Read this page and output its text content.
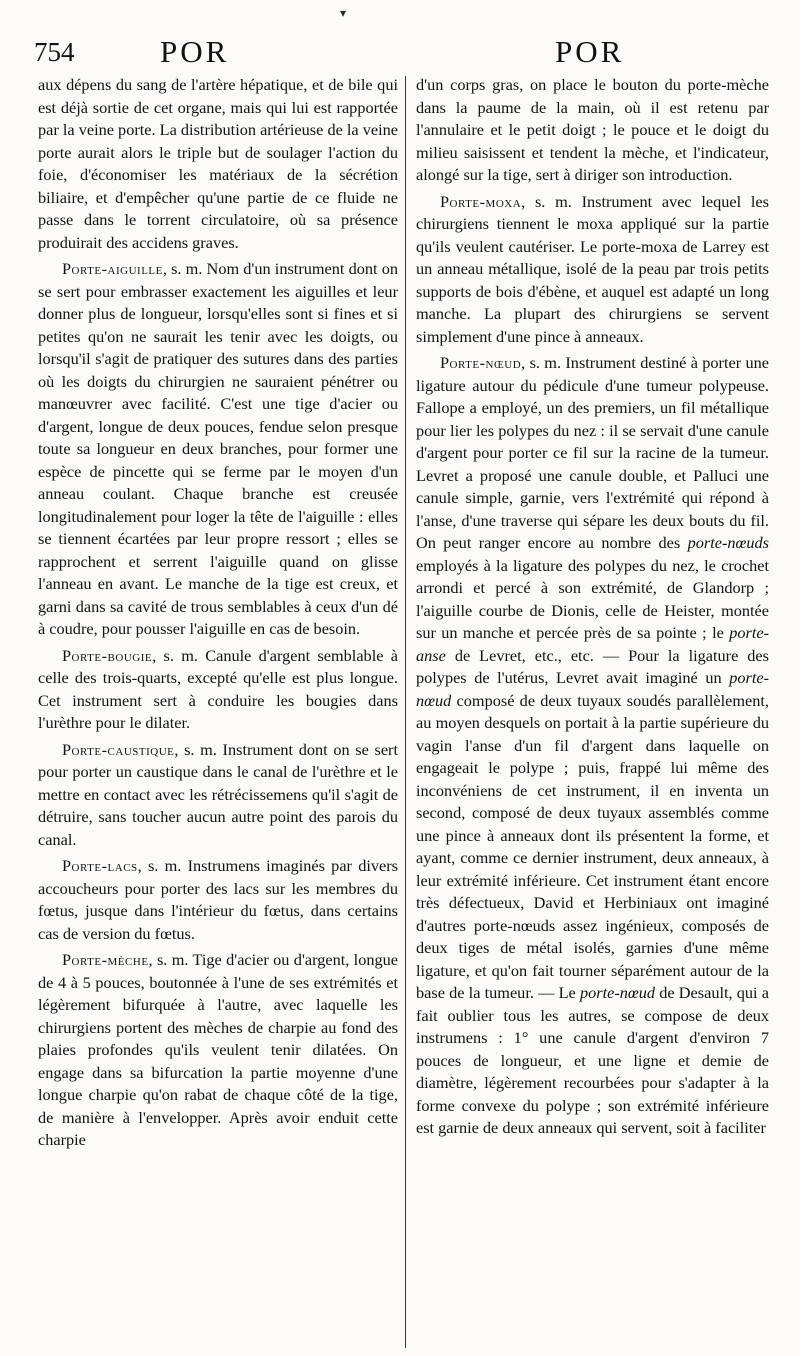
▾
754	POR	POR

aux dépens du sang de l'artère hépatique, et de bile qui est déjà sortie de cet organe, mais qui lui est rapportée par la veine porte. La distribution artérieuse de la veine porte aurait alors le triple but de soulager l'action du foie, d'économiser les matériaux de la sécrétion biliaire, et d'empêcher qu'une partie de ce fluide ne passe dans le torrent circulatoire, où sa présence produirait des accidens graves.

Porte-aiguille, s. m. Nom d'un instrument dont on se sert pour embrasser exactement les aiguilles et leur donner plus de longueur, lorsqu'elles sont si fines et si petites qu'on ne saurait les tenir avec les doigts, ou lorsqu'il s'agit de pratiquer des sutures dans des parties où les doigts du chirurgien ne sauraient pénétrer ou manœuvrer avec facilité. C'est une tige d'acier ou d'argent, longue de deux pouces, fendue selon presque toute sa longueur en deux branches, pour former une espèce de pincette qui se ferme par le moyen d'un anneau coulant. Chaque branche est creusée longitudinalement pour loger la tête de l'aiguille : elles se tiennent écartées par leur propre ressort ; elles se rapprochent et serrent l'aiguille quand on glisse l'anneau en avant. Le manche de la tige est creux, et garni dans sa cavité de trous semblables à ceux d'un dé à coudre, pour pousser l'aiguille en cas de besoin.

Porte-bougie, s. m. Canule d'argent semblable à celle des trois-quarts, excepté qu'elle est plus longue. Cet instrument sert à conduire les bougies dans l'urèthre pour le dilater.

Porte-caustique, s. m. Instrument dont on se sert pour porter un caustique dans le canal de l'urèthre et le mettre en contact avec les rétrécissemens qu'il s'agit de détruire, sans toucher aucun autre point des parois du canal.

Porte-lacs, s. m. Instrumens imaginés par divers accoucheurs pour porter des lacs sur les membres du fœtus, jusque dans l'intérieur du fœtus, dans certains cas de version du fœtus.

Porte-mèche, s. m. Tige d'acier ou d'argent, longue de 4 à 5 pouces, boutonnée à l'une de ses extrémités et légèrement bifurquée à l'autre, avec laquelle les chirurgiens portent des mèches de charpie au fond des plaies profondes qu'ils veulent tenir dilatées. On engage dans sa bifurcation la partie moyenne d'une longue charpie qu'on rabat de chaque côté de la tige, de manière à l'envelopper. Après avoir enduit cette charpie

d'un corps gras, on place le bouton du porte-mèche dans la paume de la main, où il est retenu par l'annulaire et le petit doigt ; le pouce et le doigt du milieu saisissent et tendent la mèche, et l'indicateur, alongé sur la tige, sert à diriger son introduction.

Porte-moxa, s. m. Instrument avec lequel les chirurgiens tiennent le moxa appliqué sur la partie qu'ils veulent cautériser. Le porte-moxa de Larrey est un anneau métallique, isolé de la peau par trois petits supports de bois d'ébène, et auquel est adapté un long manche. La plupart des chirurgiens se servent simplement d'une pince à anneaux.

Porte-nœud, s. m. Instrument destiné à porter une ligature autour du pédicule d'une tumeur polypeuse. Fallope a employé, un des premiers, un fil métallique pour lier les polypes du nez : il se servait d'une canule d'argent pour porter ce fil sur la racine de la tumeur. Levret a proposé une canule double, et Palluci une canule simple, garnie, vers l'extrémité qui répond à l'anse, d'une traverse qui sépare les deux bouts du fil. On peut ranger encore au nombre des porte-nœuds employés à la ligature des polypes du nez, le crochet arrondi et percé à son extrémité, de Glandorp ; l'aiguille courbe de Dionis, celle de Heister, montée sur un manche et percée près de sa pointe ; le porte-anse de Levret, etc., etc. — Pour la ligature des polypes de l'utérus, Levret avait imaginé un porte-nœud composé de deux tuyaux soudés parallèlement, au moyen desquels on portait à la partie supérieure du vagin l'anse d'un fil d'argent dans laquelle on engageait le polype ; puis, frappé lui même des inconvéniens de cet instrument, il en inventa un second, composé de deux tuyaux assemblés comme une pince à anneaux dont ils présentent la forme, et ayant, comme ce dernier instrument, deux anneaux, à leur extrémité inférieure. Cet instrument étant encore très défectueux, David et Herbiniaux ont imaginé d'autres porte-nœuds assez ingénieux, composés de deux tiges de métal isolés, garnies d'une même ligature, et qu'on fait tourner séparément autour de la base de la tumeur. — Le porte-nœud de Desault, qui a fait oublier tous les autres, se compose de deux instrumens : 1° une canule d'argent d'environ 7 pouces de longueur, et une ligne et demie de diamètre, légèrement recourbées pour s'adapter à la forme convexe du polype ; son extrémité inférieure est garnie de deux anneaux qui servent, soit à faciliter
